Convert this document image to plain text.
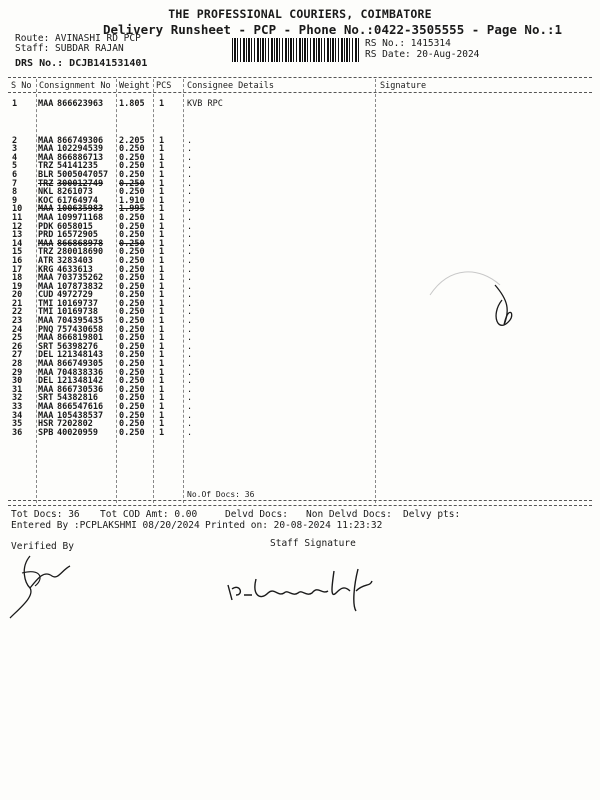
THE PROFESSIONAL COURIERS, COIMBATORE
Delivery Runsheet - PCP - Phone No.:0422-3505555 - Page No.:1
Route: AVINASHI RD PCP
Staff: SUBDAR RAJAN
DRS No.: DCJB141531401
RS No.: 1415314
RS Date: 20-Aug-2024
S No Consignment No Weight PCS Consignee Details	Signature
1 MAA 866623963 1.805 1	KVB RPC
2 MAA 866749306 2.205 1	.
3 MAA 102294539 0.250 1	.
4 MAA 866886713 0.250 1	.
5 TRZ 54141235 0.250 1	.
6 BLR 5005047057 0.250 1	.
7 TRZ 300012749 0.250 1	.
8 NKL 8261073	0.250 1	.
9 KOC 61764974 1.910 1	.
10 MAA 100635983 1.995 1	.
11 MAA 109971168 0.250 1	.
12 PDK 6058015	0.250 1	.
13 PRD 16572905 0.250 1	.
14 MAA 866868978 0.250 1	.
15 TRZ 280018690 0.250 1	.
16 ATR 3283403	0.250 1	.
17 KRG 4633613	0.250 1	.
18 MAA 703735262 0.250 1	.
19 MAA 107873832 0.250 1	.
20 CUD 4972729	0.250 1	.
21 TMI 10169737 0.250 1	.
22 TMI 10169738 0.250 1	.
23 MAA 704395435 0.250 1	.
24 PNQ 757430658 0.250 1	.
25 MAA 866819801 0.250 1	.
26 SRT 56398276 0.250 1	.
27 DEL 121348143 0.250 1	.
28 MAA 866749305 0.250 1	.
29 MAA 704838336 0.250 1	.
30 DEL 121348142 0.250 1	.
31 MAA 866730536 0.250 1	.
32 SRT 54382816 0.250 1	.
33 MAA 866547616 0.250 1	.
34 MAA 105438537 0.250 1	.
35 HSR 7202802	0.250 1	.
36 SPB 40020959 0.250 1	.
No.Of Docs: 36
Tot Docs: 36 Tot COD Amt: 0.00	Delvd Docs: Non Delvd Docs: Delvy pts:
Entered By :PCPLAKSHMI 08/20/2024 Printed on: 20-08-2024 11:23:32
Verified By	Staff Signature
